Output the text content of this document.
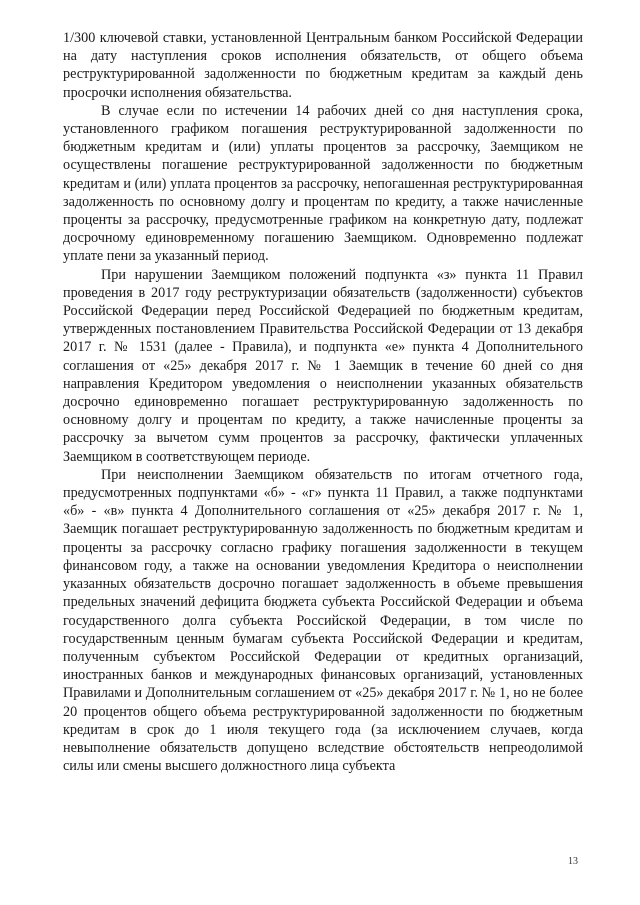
1/300 ключевой ставки, установленной Центральным банком Российской Федерации на дату наступления сроков исполнения обязательств, от общего объема реструктурированной задолженности по бюджетным кредитам за каждый день просрочки исполнения обязательства.

В случае если по истечении 14 рабочих дней со дня наступления срока, установленного графиком погашения реструктурированной задолженности по бюджетным кредитам и (или) уплаты процентов за рассрочку, Заемщиком не осуществлены погашение реструктурированной задолженности по бюджетным кредитам и (или) уплата процентов за рассрочку, непогашенная реструктурированная задолженность по основному долгу и процентам по кредиту, а также начисленные проценты за рассрочку, предусмотренные графиком на конкретную дату, подлежат досрочному единовременному погашению Заемщиком. Одновременно подлежат уплате пени за указанный период.

При нарушении Заемщиком положений подпункта «з» пункта 11 Правил проведения в 2017 году реструктуризации обязательств (задолженности) субъектов Российской Федерации перед Российской Федерацией по бюджетным кредитам, утвержденных постановлением Правительства Российской Федерации от 13 декабря 2017 г. № 1531 (далее - Правила), и подпункта «е» пункта 4 Дополнительного соглашения от «25» декабря 2017 г. № 1 Заемщик в течение 60 дней со дня направления Кредитором уведомления о неисполнении указанных обязательств досрочно единовременно погашает реструктурированную задолженность по основному долгу и процентам по кредиту, а также начисленные проценты за рассрочку за вычетом сумм процентов за рассрочку, фактически уплаченных Заемщиком в соответствующем периоде.

При неисполнении Заемщиком обязательств по итогам отчетного года, предусмотренных подпунктами «б» - «г» пункта 11 Правил, а также подпунктами «б» - «в» пункта 4 Дополнительного соглашения от «25» декабря 2017 г. № 1, Заемщик погашает реструктурированную задолженность по бюджетным кредитам и проценты за рассрочку согласно графику погашения задолженности в текущем финансовом году, а также на основании уведомления Кредитора о неисполнении указанных обязательств досрочно погашает задолженность в объеме превышения предельных значений дефицита бюджета субъекта Российской Федерации и объема государственного долга субъекта Российской Федерации, в том числе по государственным ценным бумагам субъекта Российской Федерации и кредитам, полученным субъектом Российской Федерации от кредитных организаций, иностранных банков и международных финансовых организаций, установленных Правилами и Дополнительным соглашением от «25» декабря 2017 г. № 1, но не более 20 процентов общего объема реструктурированной задолженности по бюджетным кредитам в срок до 1 июля текущего года (за исключением случаев, когда невыполнение обязательств допущено вследствие обстоятельств непреодолимой силы или смены высшего должностного лица субъекта

13
